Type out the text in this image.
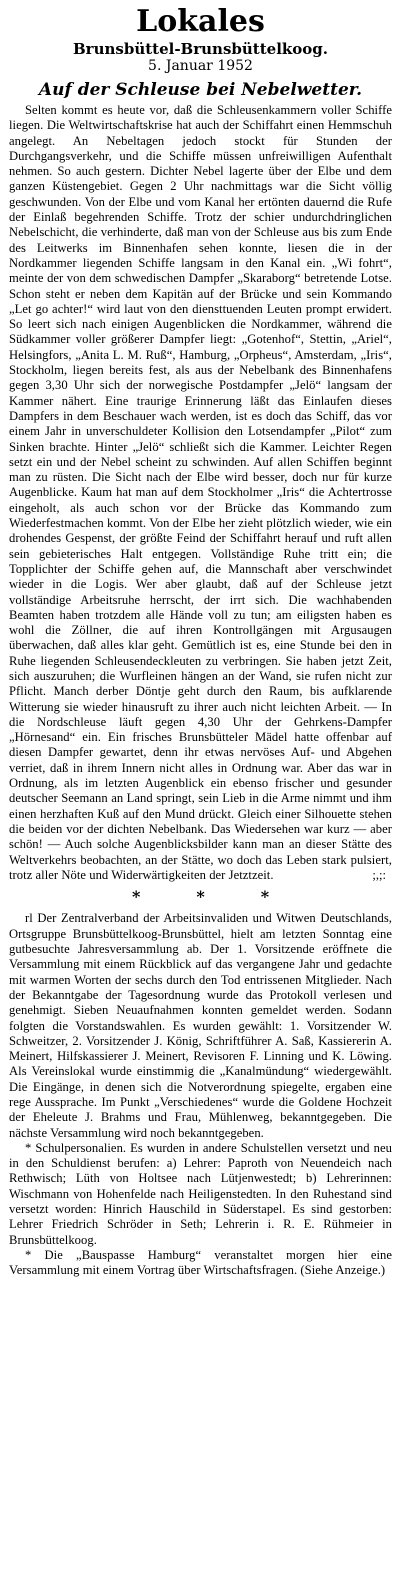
Lokales
Brunsbüttel-Brunsbüttelkoog.
5. Januar 1952
Auf der Schleuse bei Nebelwetter.

Selten kommt es heute vor, daß die Schleusenkammern voller Schiffe liegen. Die Weltwirtschaftskrise hat auch der Schiffahrt einen Hemmschuh angelegt. An Nebeltagen jedoch stockt für Stunden der Durchgangsverkehr, und die Schiffe müssen unfreiwilligen Aufenthalt nehmen. So auch gestern. Dichter Nebel lagerte über der Elbe und dem ganzen Küstengebiet. Gegen 2 Uhr nachmittags war die Sicht völlig geschwunden. Von der Elbe und vom Kanal her ertönten dauernd die Rufe der Einlaß begehrenden Schiffe. Trotz der schier undurchdringlichen Nebelschicht, die verhinderte, daß man von der Schleuse aus bis zum Ende des Leitwerks im Binnenhafen sehen konnte, liesen die in der Nordkammer liegenden Schiffe langsam in den Kanal ein. „Wi fohrt“, meinte der von dem schwedischen Dampfer „Skaraborg“ betretende Lotse. Schon steht er neben dem Kapitän auf der Brücke und sein Kommando „Let go achter!“ wird laut von den diensttuenden Leuten prompt erwidert. So leert sich nach einigen Augenblicken die Nordkammer, während die Südkammer voller größerer Dampfer liegt: „Gotenhof“, Stettin, „Ariel“, Helsingfors, „Anita L. M. Ruß“, Hamburg, „Orpheus“, Amsterdam, „Iris“, Stockholm, liegen bereits fest, als aus der Nebelbank des Binnenhafens gegen 3,30 Uhr sich der norwegische Postdampfer „Jelö“ langsam der Kammer nähert. Eine traurige Erinnerung läßt das Einlaufen dieses Dampfers in dem Beschauer wach werden, ist es doch das Schiff, das vor einem Jahr in unverschuldeter Kollision den Lotsendampfer „Pilot“ zum Sinken brachte. Hinter „Jelö“ schließt sich die Kammer. Leichter Regen setzt ein und der Nebel scheint zu schwinden. Auf allen Schiffen beginnt man zu rüsten. Die Sicht nach der Elbe wird besser, doch nur für kurze Augenblicke. Kaum hat man auf dem Stockholmer „Iris“ die Achtertrosse eingeholt, als auch schon vor der Brücke das Kommando zum Wiederfestmachen kommt. Von der Elbe her zieht plötzlich wieder, wie ein drohendes Gespenst, der größte Feind der Schiffahrt herauf und ruft allen sein gebieterisches Halt entgegen. Vollständige Ruhe tritt ein; die Topplichter der Schiffe gehen auf, die Mannschaft aber verschwindet wieder in die Logis. Wer aber glaubt, daß auf der Schleuse jetzt vollständige Arbeitsruhe herrscht, der irrt sich. Die wachhabenden Beamten haben trotzdem alle Hände voll zu tun; am eiligsten haben es wohl die Zöllner, die auf ihren Kontrollgängen mit Argusaugen überwachen, daß alles klar geht. Gemütlich ist es, eine Stunde bei den in Ruhe liegenden Schleusendeckleuten zu verbringen. Sie haben jetzt Zeit, sich auszuruhen; die Wurfleinen hängen an der Wand, sie rufen nicht zur Pflicht. Manch derber Döntje geht durch den Raum, bis aufklarende Witterung sie wieder hinausruft zu ihrer auch nicht leichten Arbeit. — In die Nordschleuse läuft gegen 4,30 Uhr der Gehrkens-Dampfer „Hörnesand“ ein. Ein frisches Brunsbütteler Mädel hatte offenbar auf diesen Dampfer gewartet, denn ihr etwas nervöses Auf- und Abgehen verriet, daß in ihrem Innern nicht alles in Ordnung war. Aber das war in Ordnung, als im letzten Augenblick ein ebenso frischer und gesunder deutscher Seemann an Land springt, sein Lieb in die Arme nimmt und ihm einen herzhaften Kuß auf den Mund drückt. Gleich einer Silhouette stehen die beiden vor der dichten Nebelbank. Das Wiedersehen war kurz — aber schön! — Auch solche Augenblicksbilder kann man an dieser Stätte des Weltverkehrs beobachten, an der Stätte, wo doch das Leben stark pulsiert, trotz aller Nöte und Widerwärtigkeiten der Jetztzeit.	;,;:
*	*	*

rl Der Zentralverband der Arbeitsinvaliden und Witwen Deutschlands, Ortsgruppe Brunsbüttelkoog-Brunsbüttel, hielt am letzten Sonntag eine gutbesuchte Jahresversammlung ab. Der 1. Vorsitzende eröffnete die Versammlung mit einem Rückblick auf das vergangene Jahr und gedachte mit warmen Worten der sechs durch den Tod entrissenen Mitglieder. Nach der Bekanntgabe der Tagesordnung wurde das Protokoll verlesen und genehmigt. Sieben Neuaufnahmen konnten gemeldet werden. Sodann folgten die Vorstandswahlen. Es wurden gewählt: 1. Vorsitzender W. Schweitzer, 2. Vorsitzender J. König, Schriftführer A. Saß, Kassiererin A. Meinert, Hilfskassierer J. Meinert, Revisoren F. Linning und K. Löwing. Als Vereinslokal wurde einstimmig die „Kanalmündung“ wiedergewählt. Die Eingänge, in denen sich die Notverordnung spiegelte, ergaben eine rege Aussprache. Im Punkt „Verschiedenes“ wurde die Goldene Hochzeit der Eheleute J. Brahms und Frau, Mühlenweg, bekanntgegeben. Die nächste Versammlung wird noch bekanntgegeben.

* Schulpersonalien. Es wurden in andere Schulstellen versetzt und neu in den Schuldienst berufen: a) Lehrer: Paproth von Neuendeich nach Rethwisch; Lüth von Holtsee nach Lütjenwestedt; b) Lehrerinnen: Wischmann von Hohenfelde nach Heiligenstedten. In den Ruhestand sind versetzt worden: Hinrich Hauschild in Süderstapel. Es sind gestorben: Lehrer Friedrich Schröder in Seth; Lehrerin i. R. E. Rühmeier in Brunsbüttelkoog.

* Die „Bauspasse Hamburg“ veranstaltet morgen hier eine Versammlung mit einem Vortrag über Wirtschaftsfragen. (Siehe Anzeige.)
